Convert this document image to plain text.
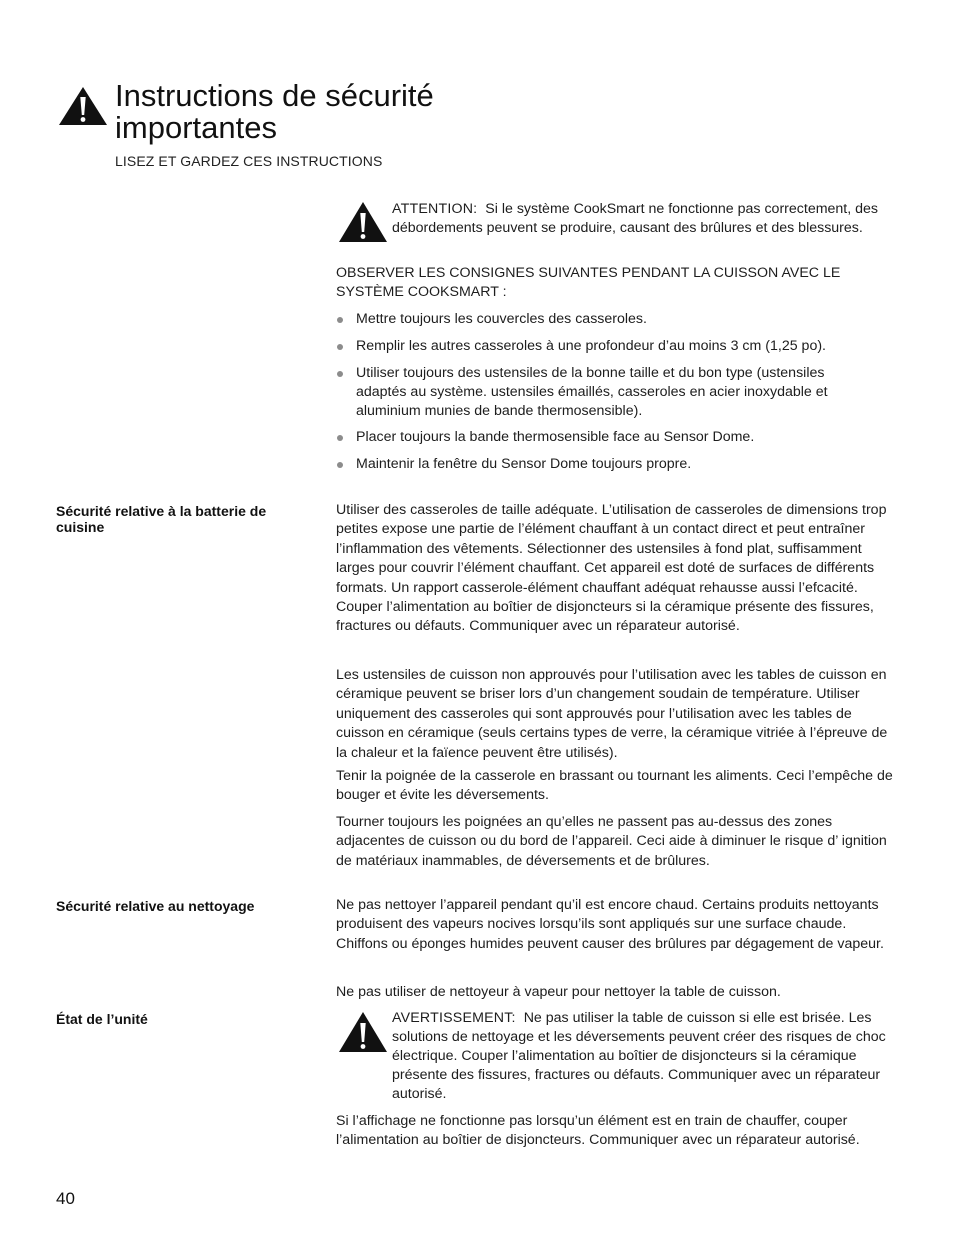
Instructions de sécurité
importantes
LISEZ ET GARDEZ CES INSTRUCTIONS
ATTENTION: Si le système CookSmart ne fonctionne pas correctement, des débordements peuvent se produire, causant des brûlures et des blessures.

OBSERVER LES CONSIGNES SUIVANTES PENDANT LA CUISSON AVEC LE SYSTÈME COOKSMART :

Mettre toujours les couvercles des casseroles.
Remplir les autres casseroles à une profondeur d’au moins 3 cm (1,25 po).
Utiliser toujours des ustensiles de la bonne taille et du bon type (ustensiles adaptés au système. ustensiles émaillés, casseroles en acier inoxydable et aluminium munies de bande thermosensible).
Placer toujours la bande thermosensible face au Sensor Dome.
Maintenir la fenêtre du Sensor Dome toujours propre.
Sécurité relative à la batterie de cuisine

Utiliser des casseroles de taille adéquate. L’utilisation de casseroles de dimensions trop petites expose une partie de l’élément chauffant à un contact direct et peut entraîner l’inflammation des vêtements. Sélectionner des ustensiles à fond plat, suffisamment larges pour couvrir l’élément chauffant. Cet appareil est doté de surfaces de différents formats. Un rapport casserole-élément chauffant adéquat rehausse aussi l’efcacité. Couper l’alimentation au boîtier de disjoncteurs si la céramique présente des fissures, fractures ou défauts. Communiquer avec un réparateur autorisé.

Les ustensiles de cuisson non approuvés pour l’utilisation avec les tables de cuisson en céramique peuvent se briser lors d’un changement soudain de température. Utiliser uniquement des casseroles qui sont approuvés pour l’utilisation avec les tables de cuisson en céramique (seuls certains types de verre, la céramique vitriée à l’épreuve de la chaleur et la faïence peuvent être utilisés).

Tenir la poignée de la casserole en brassant ou tournant les aliments. Ceci l’empêche de bouger et évite les déversements.

Tourner toujours les poignées an qu’elles ne passent pas au-dessus des zones adjacentes de cuisson ou du bord de l’appareil. Ceci aide à diminuer le risque d’ ignition de matériaux inammables, de déversements et de brûlures.

Sécurité relative au nettoyage	Ne pas nettoyer l’appareil pendant qu’il est encore chaud. Certains produits nettoyants produisent des vapeurs nocives lorsqu’ils sont appliqués sur une surface chaude. Chiffons ou éponges humides peuvent causer des brûlures par dégagement de vapeur.

Ne pas utiliser de nettoyeur à vapeur pour nettoyer la table de cuisson.

État de l’unité	AVERTISSEMENT: Ne pas utiliser la table de cuisson si elle est brisée. Les solutions de nettoyage et les déversements peuvent créer des risques de choc électrique. Couper l’alimentation au boîtier de disjoncteurs si la céramique présente des fissures, fractures ou défauts. Communiquer avec un réparateur autorisé.

Si l’affichage ne fonctionne pas lorsqu’un élément est en train de chauffer, couper l’alimentation au boîtier de disjoncteurs. Communiquer avec un réparateur autorisé.

40
